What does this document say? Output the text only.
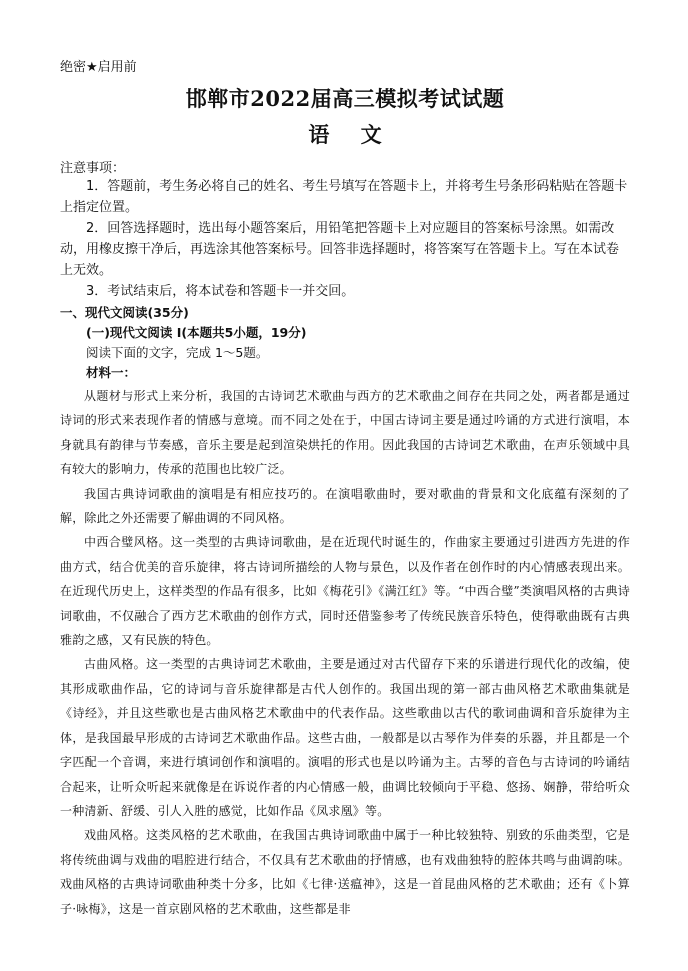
绝密★启用前

邯郸市2022届高三模拟考试试题
语 文

注意事项：

1．答题前，考生务必将自己的姓名、考生号填写在答题卡上，并将考生号条形码粘贴在答题卡上指定位置。

2．回答选择题时，选出每小题答案后，用铅笔把答题卡上对应题目的答案标号涂黑。如需改动，用橡皮擦干净后，再选涂其他答案标号。回答非选择题时，将答案写在答题卡上。写在本试卷上无效。

3．考试结束后，将本试卷和答题卡一并交回。

一、现代文阅读(35分)

(一)现代文阅读 I(本题共5小题，19分)

阅读下面的文字，完成 1～5题。

材料一：

从题材与形式上来分析，我国的古诗词艺术歌曲与西方的艺术歌曲之间存在共同之处，两者都是通过诗词的形式来表现作者的情感与意境。而不同之处在于，中国古诗词主要是通过吟诵的方式进行演唱，本身就具有韵律与节奏感，音乐主要是起到渲染烘托的作用。因此我国的古诗词艺术歌曲，在声乐领域中具有较大的影响力，传承的范围也比较广泛。

我国古典诗词歌曲的演唱是有相应技巧的。在演唱歌曲时，要对歌曲的背景和文化底蕴有深刻的了解，除此之外还需要了解曲调的不同风格。

中西合璧风格。这一类型的古典诗词歌曲，是在近现代时诞生的，作曲家主要通过引进西方先进的作曲方式，结合优美的音乐旋律，将古诗词所描绘的人物与景色，以及作者在创作时的内心情感表现出来。在近现代历史上，这样类型的作品有很多，比如《梅花引》《满江红》等。“中西合璧”类演唱风格的古典诗词歌曲，不仅融合了西方艺术歌曲的创作方式，同时还借鉴参考了传统民族音乐特色，使得歌曲既有古典雅韵之感，又有民族的特色。

古曲风格。这一类型的古典诗词艺术歌曲，主要是通过对古代留存下来的乐谱进行现代化的改编，使其形成歌曲作品，它的诗词与音乐旋律都是古代人创作的。我国出现的第一部古曲风格艺术歌曲集就是《诗经》，并且这些歌也是古曲风格艺术歌曲中的代表作品。这些歌曲以古代的歌词曲调和音乐旋律为主体，是我国最早形成的古诗词艺术歌曲作品。这些古曲，一般都是以古琴作为伴奏的乐器，并且都是一个字匹配一个音调，来进行填词创作和演唱的。演唱的形式也是以吟诵为主。古琴的音色与古诗词的吟诵结合起来，让听众听起来就像是在诉说作者的内心情感一般，曲调比较倾向于平稳、悠扬、娴静，带给听众一种清新、舒缓、引人入胜的感觉，比如作品《凤求凰》等。

戏曲风格。这类风格的艺术歌曲，在我国古典诗词歌曲中属于一种比较独特、别致的乐曲类型，它是将传统曲调与戏曲的唱腔进行结合，不仅具有艺术歌曲的抒情感，也有戏曲独特的腔体共鸣与曲调韵味。戏曲风格的古典诗词歌曲种类十分多，比如《七律·送瘟神》，这是一首昆曲风格的艺术歌曲；还有《卜算子·咏梅》，这是一首京剧风格的艺术歌曲，这些都是非
